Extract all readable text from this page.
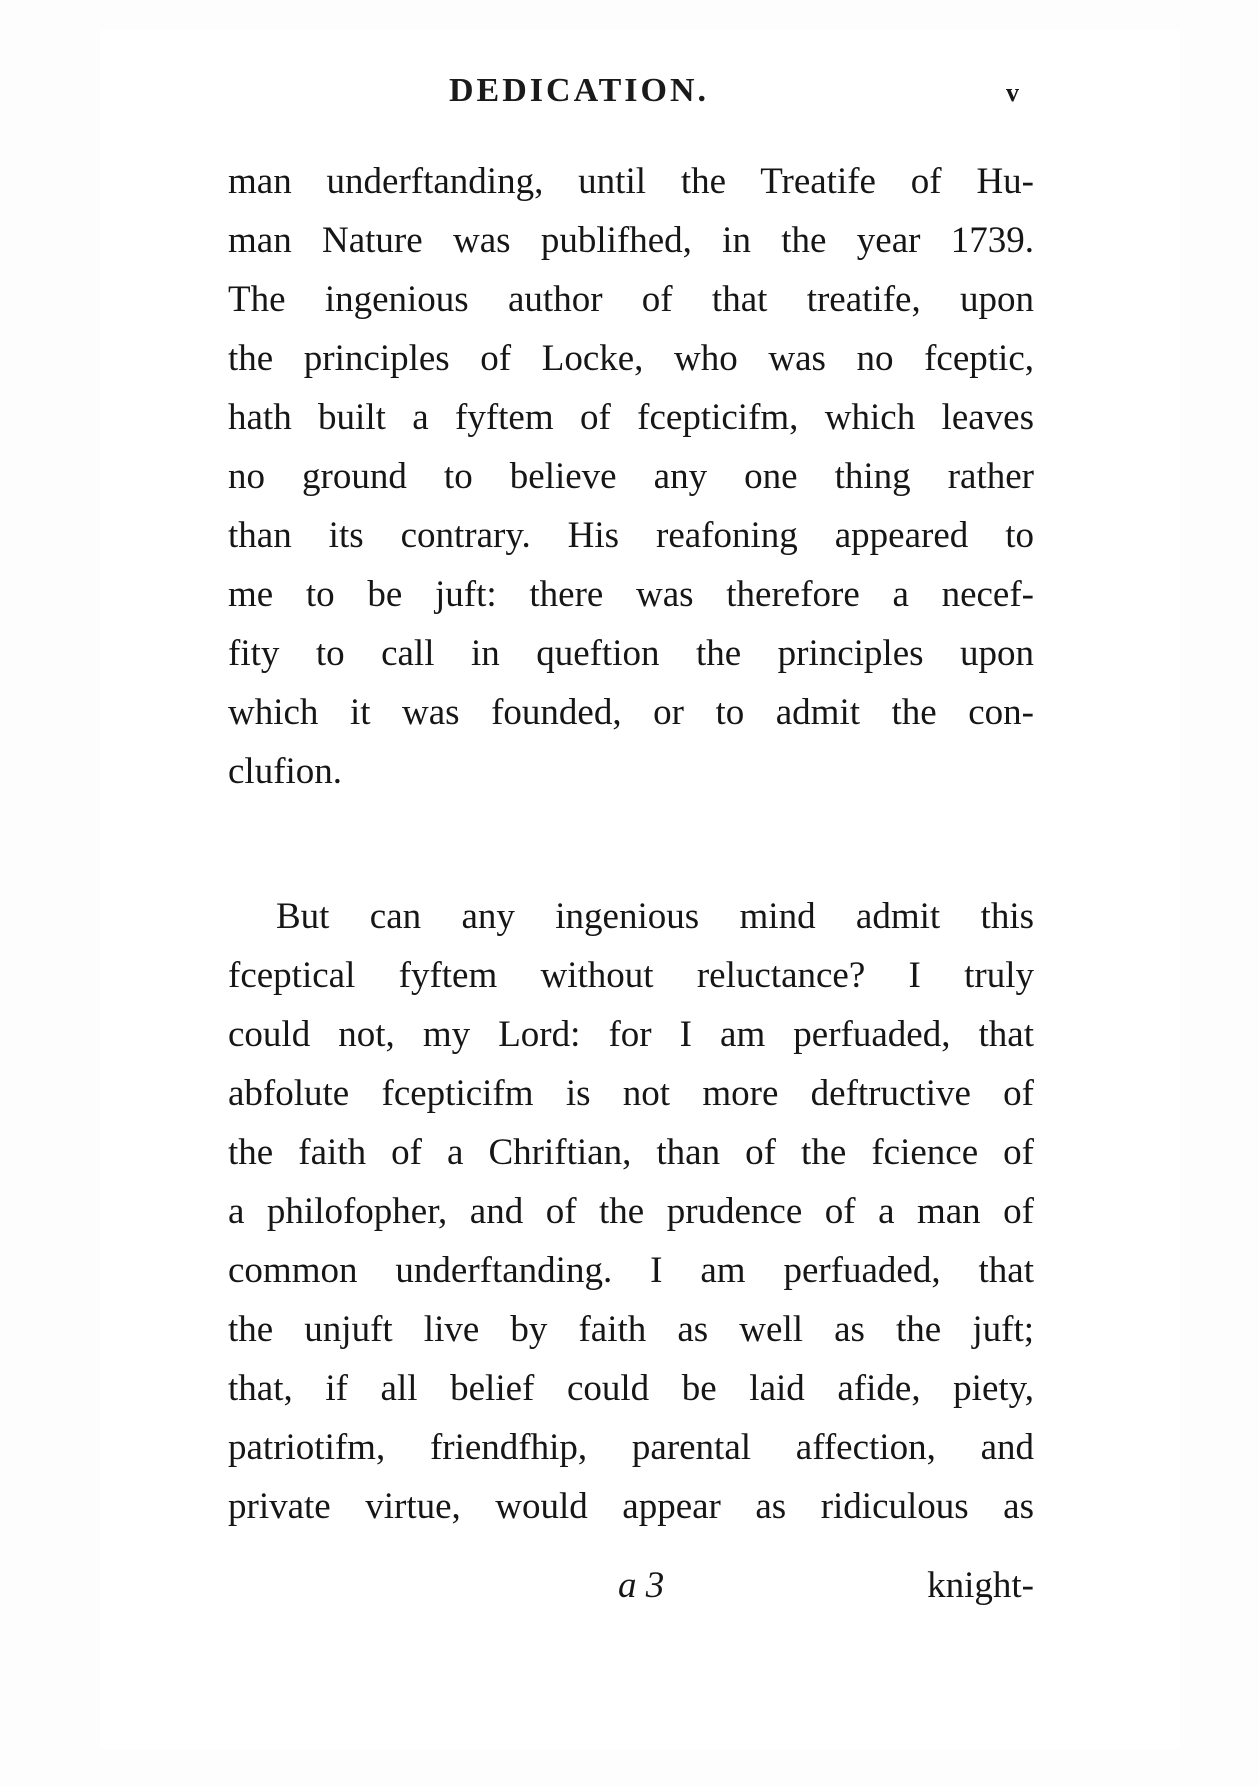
DEDICATION.	v
man underftanding, until the Treatife of Hu-
man Nature was publifhed, in the year 1739.
The ingenious author of that treatife, upon
the principles of Locke, who was no fceptic,
hath built a fyftem of fcepticifm, which leaves
no ground to believe any one thing rather
than its contrary. His reafoning appeared to
me to be juft: there was therefore a necef-
fity to call in queftion the principles upon
which it was founded, or to admit the con-
clufion.
But can any ingenious mind admit this
fceptical fyftem without reluctance? I truly
could not, my Lord: for I am perfuaded, that
abfolute fcepticifm is not more deftructive of
the faith of a Chriftian, than of the fcience of
a philofopher, and of the prudence of a man of
common underftanding. I am perfuaded, that
the unjuft live by faith as well as the juft;
that, if all belief could be laid afide, piety,
patriotifm, friendfhip, parental affection, and
private virtue, would appear as ridiculous as
a 3	knight-
